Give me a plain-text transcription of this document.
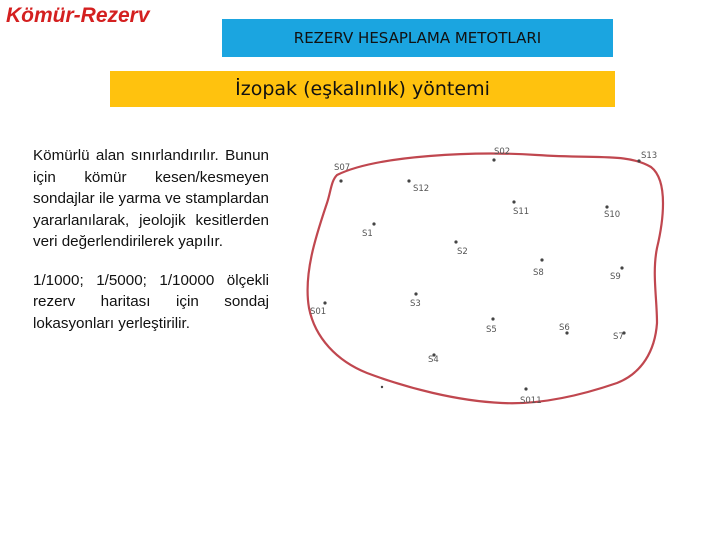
Kömür-Rezerv
REZERV HESAPLAMA METOTLARI
İzopak (eşkalınlık) yöntemi

Kömürlü alan sınırlandırılır. Bunun için kömür kesen/kesmeyen sondajlar ile yarma ve stamplardan yararlanılarak, jeolojik kesitlerden veri değerlendirilerek yapılır.

1/1000; 1/5000; 1/10000 ölçekli rezerv haritası için sondaj lokasyonları yerleştirilir.

S07
S02	S13
S12
S11	S10
S1
S2
S8	S9
S01
S3
S5	S6
S7
S4
S011
